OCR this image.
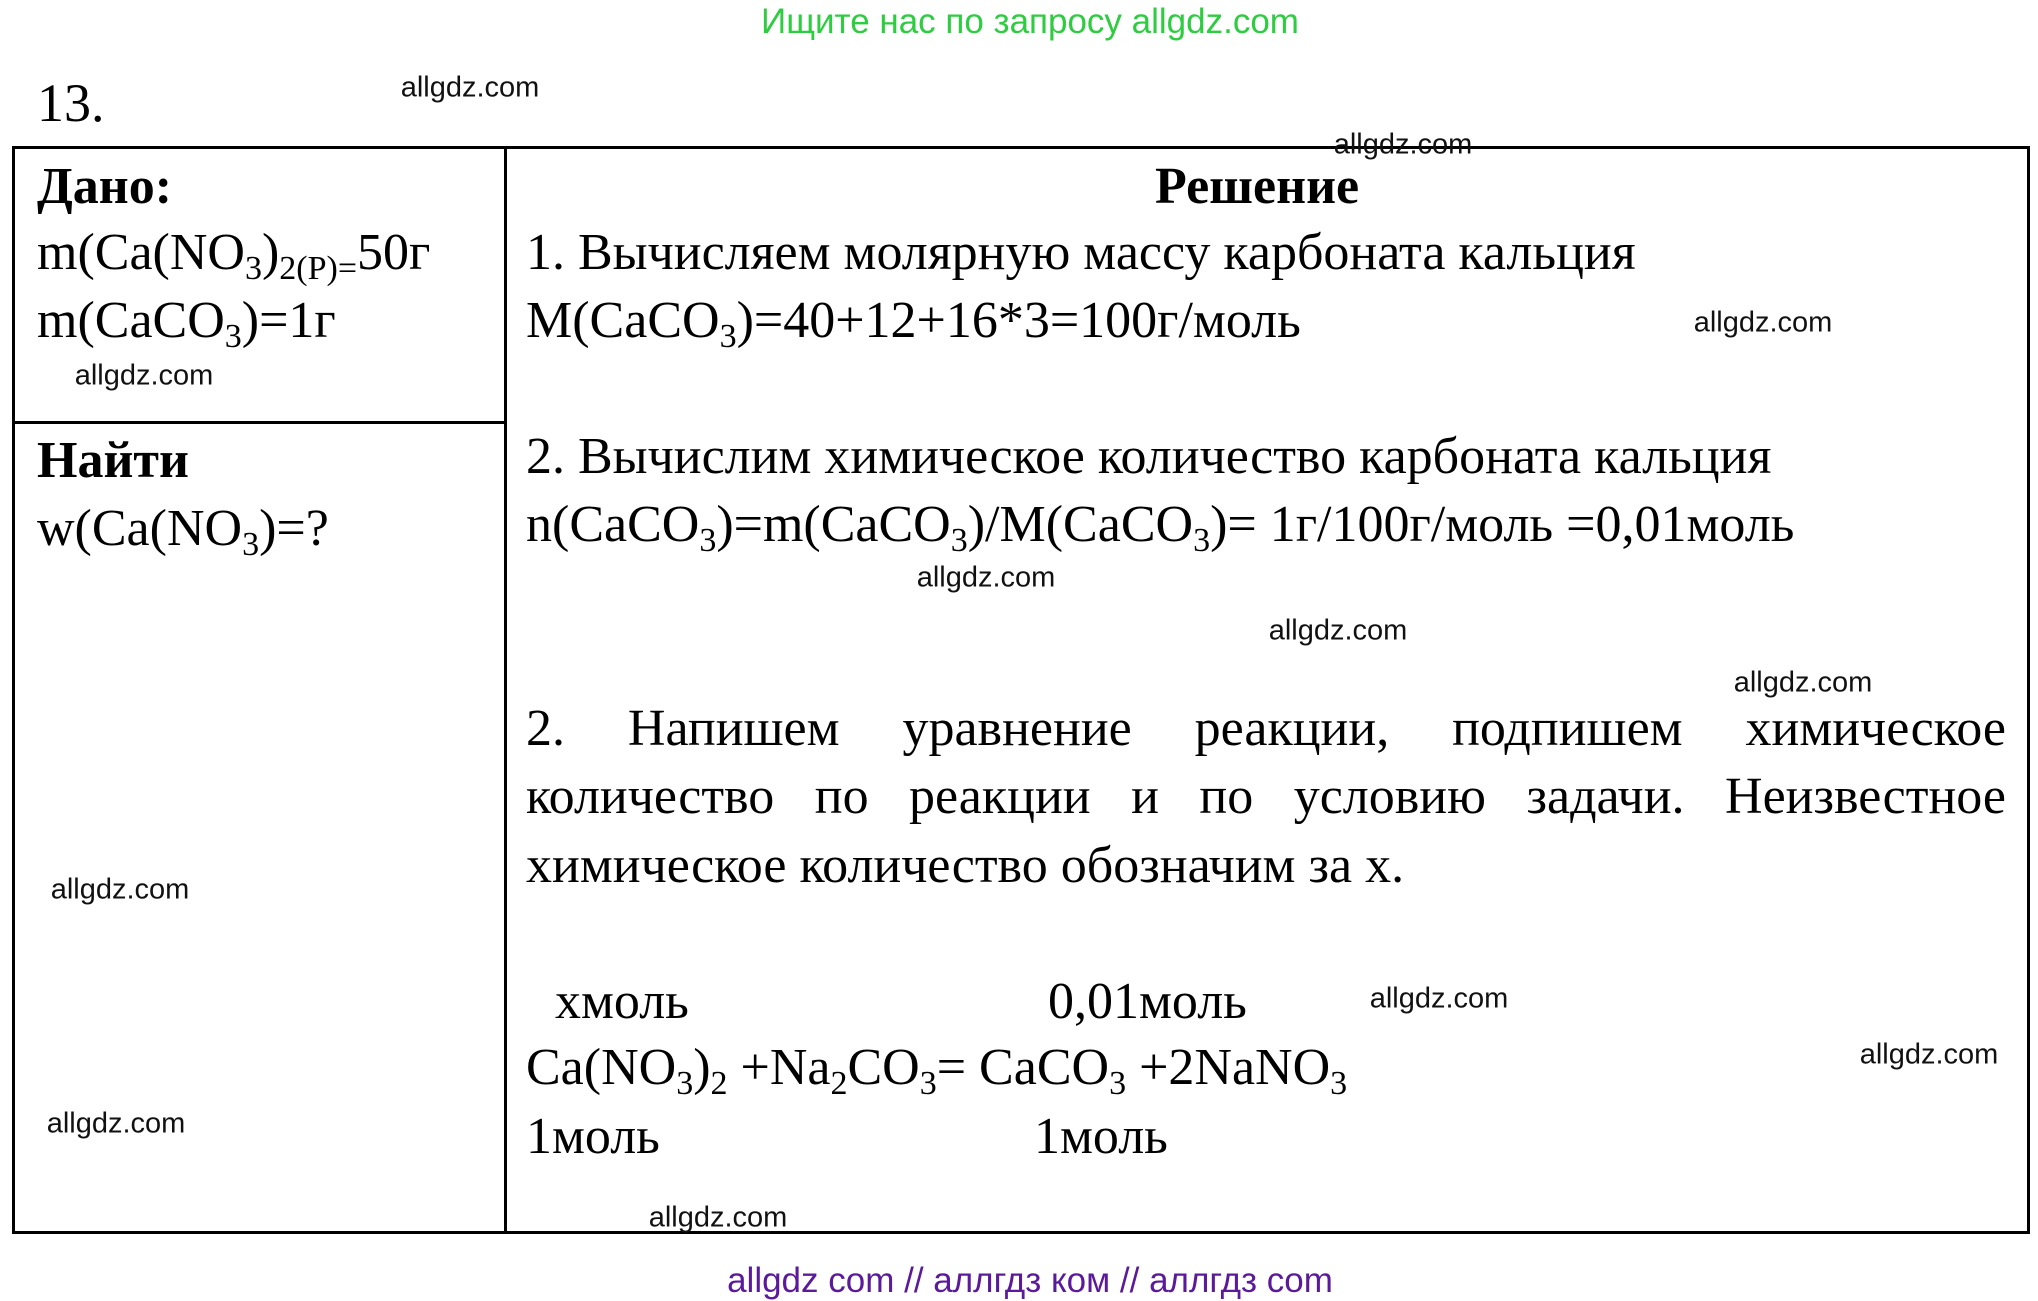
Ищите нас по запросу allgdz.com
13.	allgdz.com
Дано:
$m(Ca(NO_3)_{2(P)=}50г$
m(CaCO$_3$)=1г
Найти
$w(Ca(NO_3)=$?
Решение
1. Вычисляем молярную массу карбоната кальция
M(CaCO$_3$)=40+12+16*3=100г/моль
2. Вычислим химическое количество карбоната кальция
n(CaCO$_3$)=m(CaCO$_3$)/M(CaCO$_3$)= 1г/100г/моль =0,01моль
2. Напишем уравнение реакции, подпишем химическое
количество по реакции и по условию задачи. Неизвестное
химическое количество обозначим за x.
хмоль	0,01моль
$Ca(NO_3)_2 +Na_2CO_3=$ CaCO$_3$ +2NaNO$_3$
1моль	1моль
allgdz.com
allgdz.com
allgdz.com
allgdz.com
allgdz.com
allgdz.com
allgdz.com
allgdz.com
allgdz.com
allgdz.com
allgdz.com
allgdz com // аллгдз ком // аллгдз com
